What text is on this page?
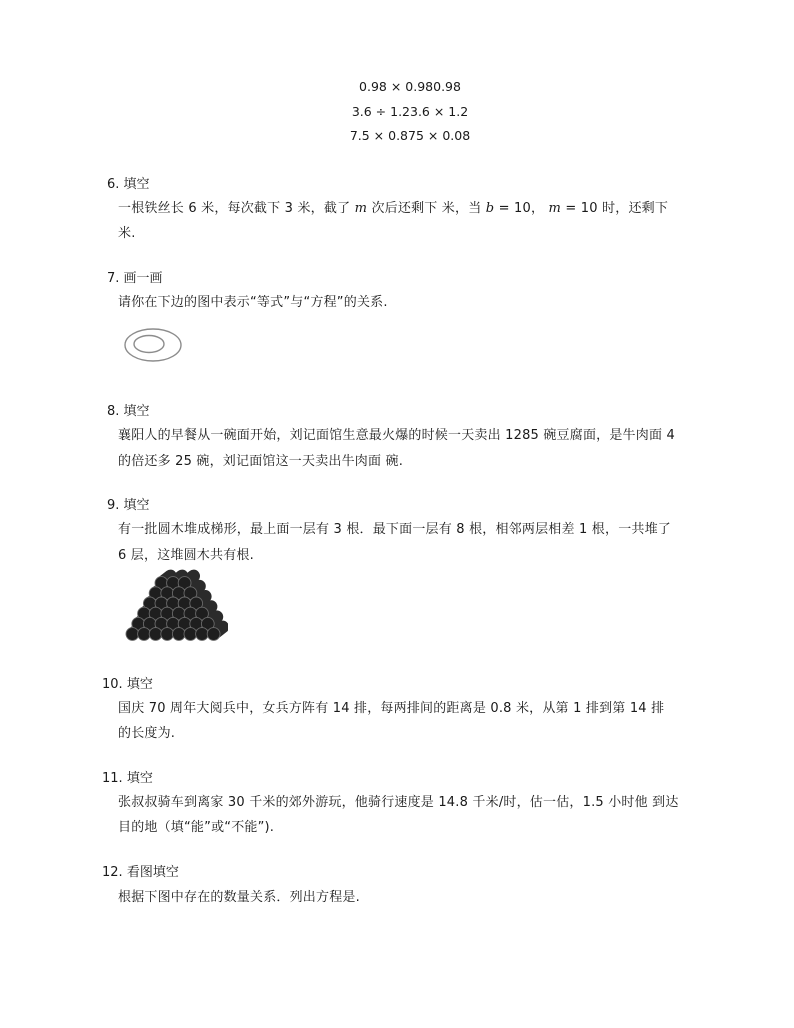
0.98 × 0.980.98
3.6 ÷ 1.23.6 × 1.2
7.5 × 0.875 × 0.08
6. 填空
一根铁丝长 6 米，每次截下 3 米，截了 m 次后还剩下 米，当 b = 10， m = 10 时，还剩下
米.
7. 画一画
请你在下边的图中表示“等式”与“方程”的关系.
8. 填空
襄阳人的早餐从一碗面开始，刘记面馆生意最火爆的时候一天卖出 1285 碗豆腐面，是牛肉面 4
的倍还多 25 碗，刘记面馆这一天卖出牛肉面 碗.
9. 填空
有一批圆木堆成梯形，最上面一层有 3 根．最下面一层有 8 根，相邻两层相差 1 根，一共堆了
6 层，这堆圆木共有根.
10. 填空
国庆 70 周年大阅兵中，女兵方阵有 14 排，每两排间的距离是 0.8 米，从第 1 排到第 14 排
的长度为.
11. 填空
张叔叔骑车到离家 30 千米的郊外游玩，他骑行速度是 14.8 千米/时，估一估，1.5 小时他 到达
目的地（填“能”或“不能”).
12. 看图填空
根据下图中存在的数量关系．列出方程是.
